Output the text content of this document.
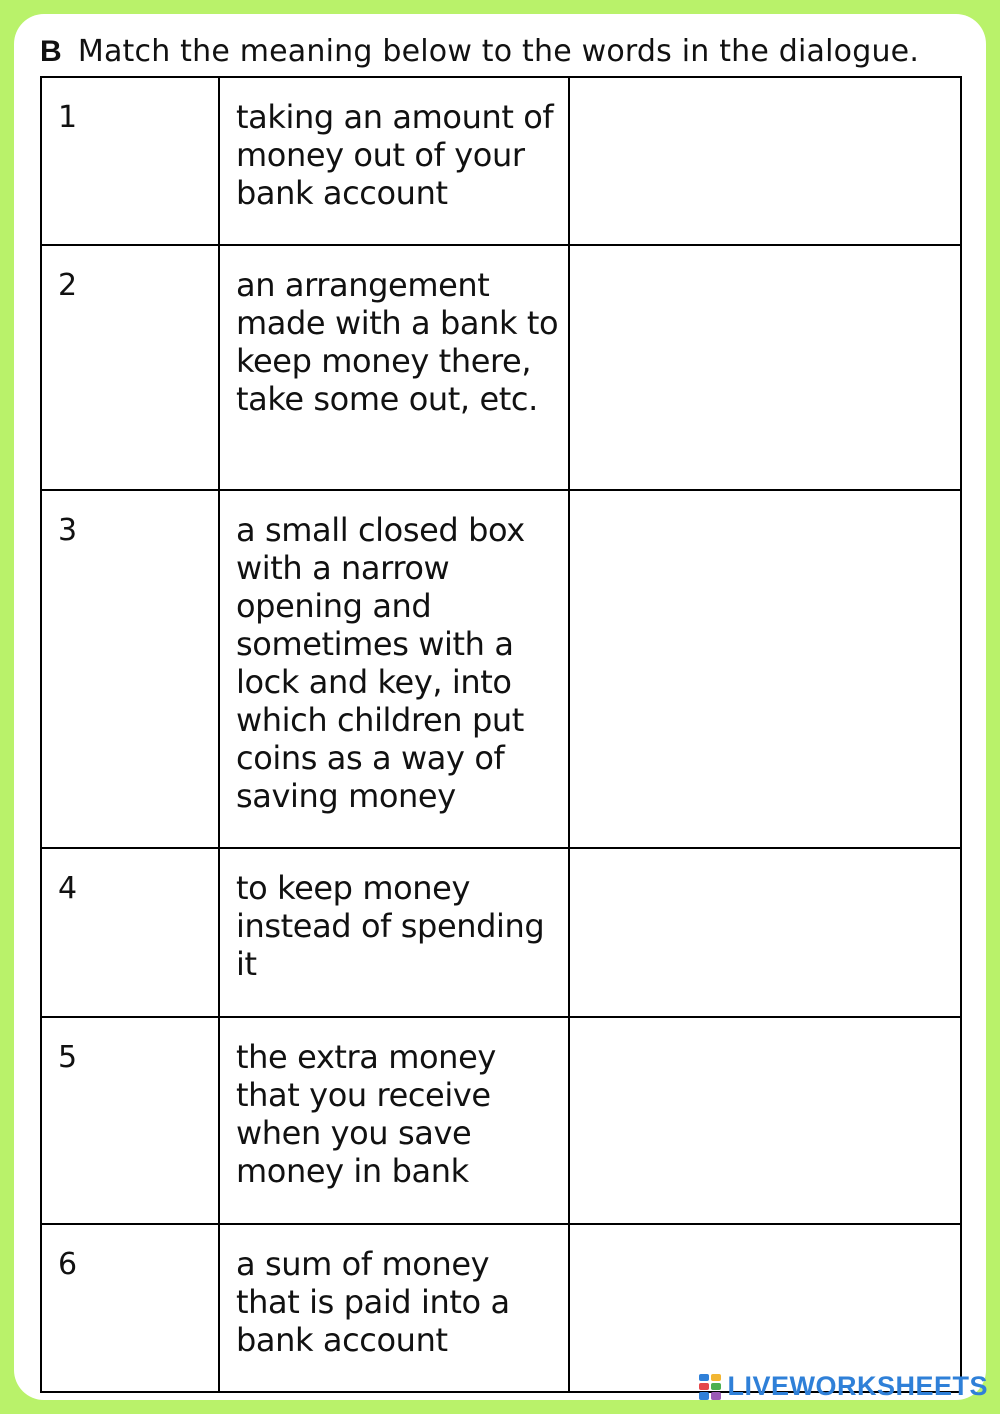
B Match the meaning below to the words in the dialogue.
1	taking an amount of money out of your bank account

2	an arrangement made with a bank to keep money there, take some out, etc.

3	a small closed box with a narrow opening and sometimes with a lock and key, into which children put coins as a way of saving money

4	to keep money instead of spending it

5	the extra money that you receive when you save money in bank

6	a sum of money that is paid into a bank account

LIVEWORKSHEETS
